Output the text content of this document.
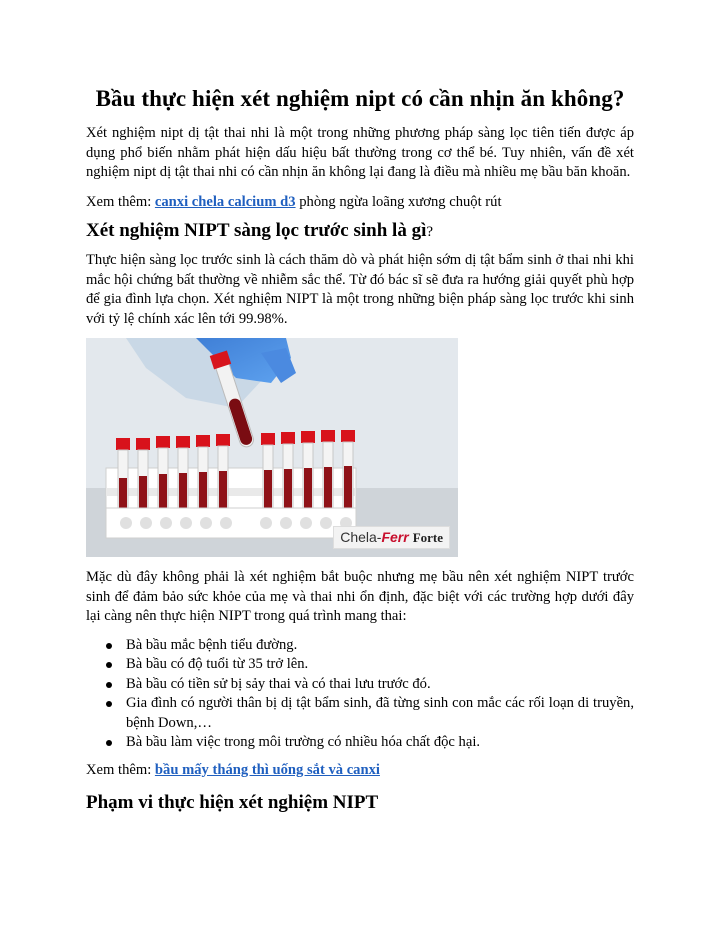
Bầu thực hiện xét nghiệm nipt có cần nhịn ăn không?

Xét nghiệm nipt dị tật thai nhi là một trong những phương pháp sàng lọc tiên tiến được áp dụng phổ biến nhằm phát hiện dấu hiệu bất thường trong cơ thể bé. Tuy nhiên, vấn đề xét nghiệm nipt dị tật thai nhi có cần nhịn ăn không lại đang là điều mà nhiều mẹ bầu băn khoăn.

Xem thêm: canxi chela calcium d3 phòng ngừa loãng xương chuột rút

Xét nghiệm NIPT sàng lọc trước sinh là gì?

Thực hiện sàng lọc trước sinh là cách thăm dò và phát hiện sớm dị tật bẩm sinh ở thai nhi khi mắc hội chứng bất thường về nhiễm sắc thể. Từ đó bác sĩ sẽ đưa ra hướng giải quyết phù hợp để gia đình lựa chọn. Xét nghiệm NIPT là một trong những biện pháp sàng lọc trước khi sinh với tỷ lệ chính xác lên tới 99.98%.

Chela-Ferr Forte

Mặc dù đây không phải là xét nghiệm bắt buộc nhưng mẹ bầu nên xét nghiệm NIPT trước sinh để đảm bảo sức khỏe của mẹ và thai nhi ổn định, đặc biệt với các trường hợp dưới đây lại càng nên thực hiện NIPT trong quá trình mang thai:

Bà bầu mắc bệnh tiểu đường.
Bà bầu có độ tuổi từ 35 trở lên.
Bà bầu có tiền sử bị sảy thai và có thai lưu trước đó.
Gia đình có người thân bị dị tật bẩm sinh, đã từng sinh con mắc các rối loạn di truyền, bệnh Down,…
Bà bầu làm việc trong môi trường có nhiều hóa chất độc hại.

Xem thêm: bầu mấy tháng thì uống sắt và canxi

Phạm vi thực hiện xét nghiệm NIPT
